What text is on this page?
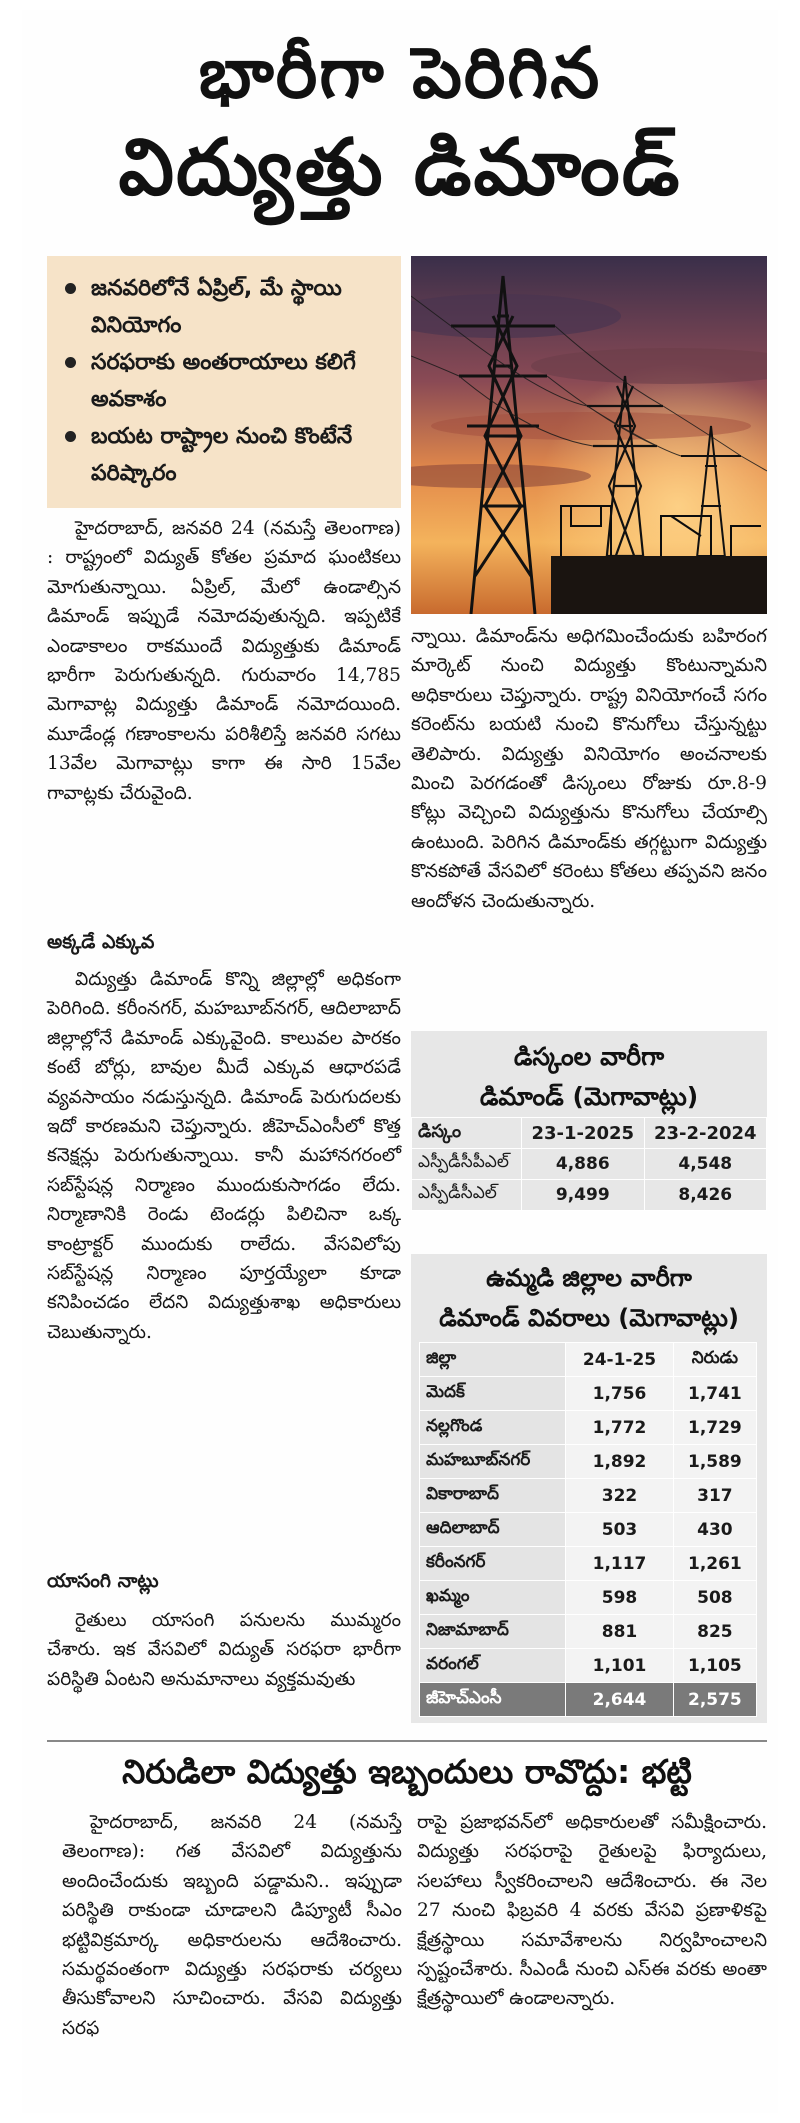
భారీగా పెరిగిన
విద్యుత్తు డిమాండ్
జనవరిలోనే ఏప్రిల్, మే స్థాయి వినియోగం
సరఫరాకు అంతరాయాలు కలిగే అవకాశం
బయట రాష్ట్రాల నుంచి కొంటేనే పరిష్కారం

హైదరాబాద్, జనవరి 24 (నమస్తే తెలంగాణ) : రాష్ట్రంలో విద్యుత్ కోతల ప్రమాద ఘంటికలు మోగుతున్నాయి. ఏప్రిల్, మేలో ఉండాల్సిన డిమాండ్ ఇప్పుడే నమోదవుతున్నది. ఇప్పటికే ఎండాకాలం రాకముందే విద్యుత్తుకు డిమాండ్ భారీగా పెరుగుతున్నది. గురువారం 14,785 మెగావాట్ల విద్యుత్తు డిమాండ్ నమోదయింది. మూడేండ్ల గణాంకాలను పరిశీలిస్తే జనవరి సగటు 13వేల మెగావాట్లు కాగా ఈ సారి 15వేల గావాట్లకు చేరువైంది.

న్నాయి. డిమాండ్‌ను అధిగమించేందుకు బహిరంగ మార్కెట్ నుంచి విద్యుత్తు కొంటున్నామని అధికారులు చెప్తున్నారు. రాష్ట్ర వినియోగంచే సగం కరెంట్‌ను బయటి నుంచి కొనుగోలు చేస్తున్నట్టు తెలిపారు. విద్యుత్తు వినియోగం అంచనాలకు మించి పెరగడంతో డిస్కంలు రోజుకు రూ.8-9 కోట్లు వెచ్చించి విద్యుత్తును కొనుగోలు చేయాల్సి ఉంటుంది. పెరిగిన డిమాండ్‌కు తగ్గట్టుగా విద్యుత్తు కొనకపోతే వేసవిలో కరెంటు కోతలు తప్పవని జనం ఆందోళన చెందుతున్నారు.

అక్కడే ఎక్కువ

విద్యుత్తు డిమాండ్ కొన్ని జిల్లాల్లో అధికంగా పెరిగింది. కరీంనగర్, మహబూబ్‌నగర్, ఆదిలాబాద్ జిల్లాల్లోనే డిమాండ్ ఎక్కువైంది. కాలువల పారకం కంటే బోర్లు, బావుల మీదే ఎక్కువ ఆధారపడే వ్యవసాయం నడుస్తున్నది. డిమాండ్ పెరుగుదలకు ఇదో కారణమని చెప్తున్నారు. జీహెచ్ఎంసీలో కొత్త కనెక్షన్లు పెరుగుతున్నాయి. కానీ మహానగరంలో సబ్‌స్టేషన్ల నిర్మాణం ముందుకుసాగడం లేదు. నిర్మాణానికి రెండు టెండర్లు పిలిచినా ఒక్క కాంట్రాక్టర్ ముందుకు రాలేదు. వేసవిలోపు సబ్‌స్టేషన్ల నిర్మాణం పూర్తయ్యేలా కూడా కనిపించడం లేదని విద్యుత్తుశాఖ అధికారులు చెబుతున్నారు.

యాసంగి నాట్లు

రైతులు యాసంగి పనులను ముమ్మరం చేశారు. ఇక వేసవిలో విద్యుత్ సరఫరా భారీగా పరిస్థితి ఏంటని అనుమానాలు వ్యక్తమవుతు

డిస్కంల వారీగా
డిమాండ్ (మెగావాట్లు)
డిస్కం	23-1-2025	23-2-2024
ఎస్పీడీసీపీఎల్	4,886	4,548
ఎస్పీడీసీఎల్	9,499	8,426
ఉమ్మడి జిల్లాల వారీగా
డిమాండ్ వివరాలు (మెగావాట్లు)
జిల్లా	24-1-25	నిరుడు
మెదక్	1,756	1,741
నల్లగొండ	1,772	1,729
మహబూబ్‌నగర్	1,892	1,589
వికారాబాద్	322	317
ఆదిలాబాద్	503	430
కరీంనగర్	1,117	1,261
ఖమ్మం	598	508
నిజామాబాద్	881	825
వరంగల్	1,101	1,105
జీహెచ్ఎంసీ	2,644	2,575
నిరుడిలా విద్యుత్తు ఇబ్బందులు రావొద్దు: భట్టి

హైదరాబాద్, జనవరి 24 (నమస్తే తెలంగాణ): గత వేసవిలో విద్యుత్తును అందించేందుకు ఇబ్బంది పడ్డామని.. ఇప్పుడా పరిస్థితి రాకుండా చూడాలని డిప్యూటీ సీఎం భట్టివిక్రమార్క అధికారులను ఆదేశించారు. సమర్థవంతంగా విద్యుత్తు సరఫరాకు చర్యలు తీసుకోవాలని సూచించారు. వేసవి విద్యుత్తు సరఫ

రాపై ప్రజాభవన్‌లో అధికారులతో సమీక్షించారు. విద్యుత్తు సరఫరాపై రైతులపై ఫిర్యాదులు, సలహాలు స్వీకరించాలని ఆదేశించారు. ఈ నెల 27 నుంచి ఫిబ్రవరి 4 వరకు వేసవి ప్రణాళికపై క్షేత్రస్థాయి సమావేశాలను నిర్వహించాలని స్పష్టంచేశారు. సీఎండీ నుంచి ఎస్ఈ వరకు అంతా క్షేత్రస్థాయిలో ఉండాలన్నారు.
